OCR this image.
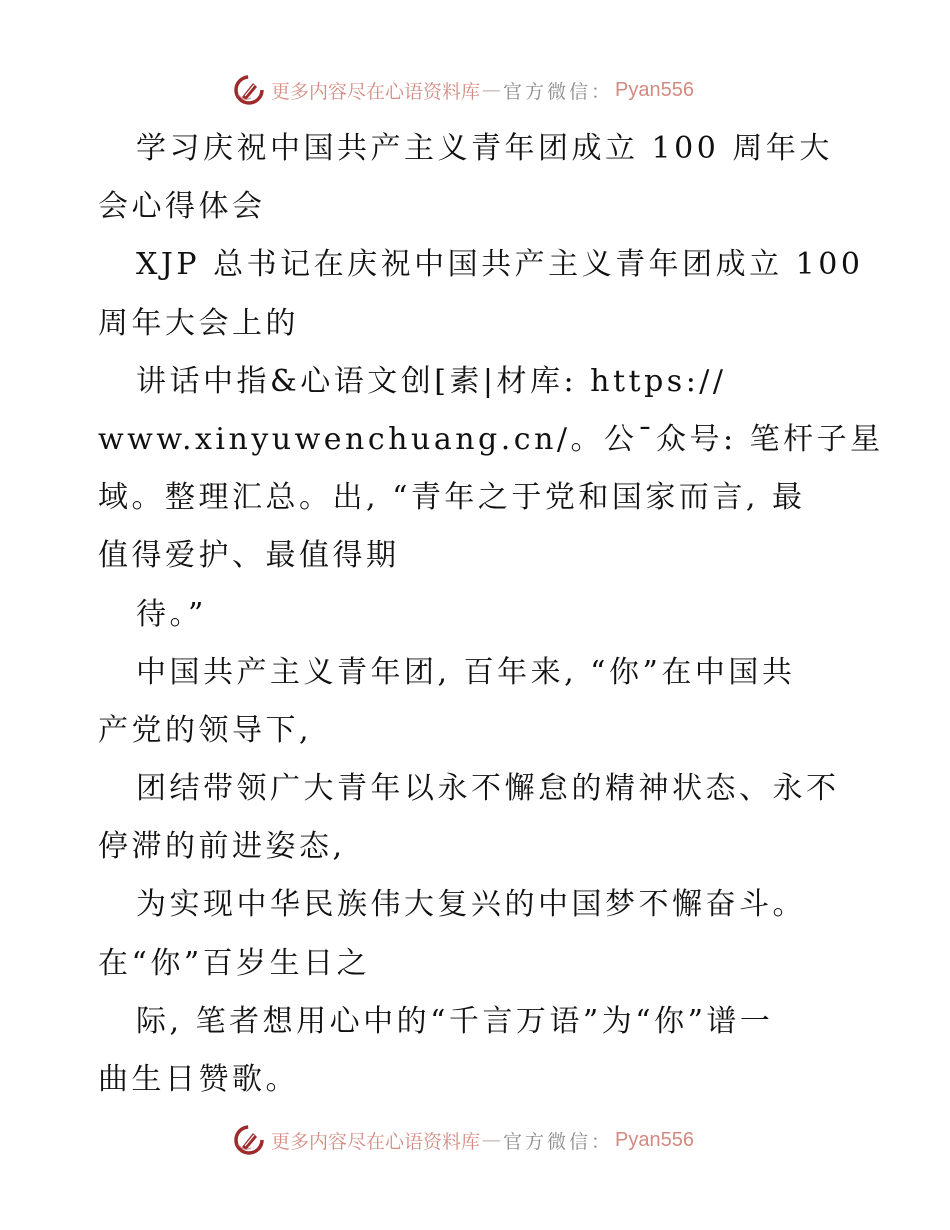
更多内容尽在心语资料库 — 官方微信： Pyan556
学习庆祝中国共产主义青年团成立 100 周年大
会心得体会
XJP 总书记在庆祝中国共产主义青年团成立 100
周年大会上的
讲话中指&心语文创[素|材库: https://
www.xinyuwenchuang.cn/。公¯众号: 笔杆子星
域。整理汇总。出, “青年之于党和国家而言, 最
值得爱护、最值得期
待。”
中国共产主义青年团, 百年来, “你”在中国共
产党的领导下,
团结带领广大青年以永不懈怠的精神状态、永不
停滞的前进姿态,
为实现中华民族伟大复兴的中国梦不懈奋斗。
在“你”百岁生日之
际, 笔者想用心中的“千言万语”为“你”谱一
曲生日赞歌。
更多内容尽在心语资料库 — 官方微信： Pyan556
